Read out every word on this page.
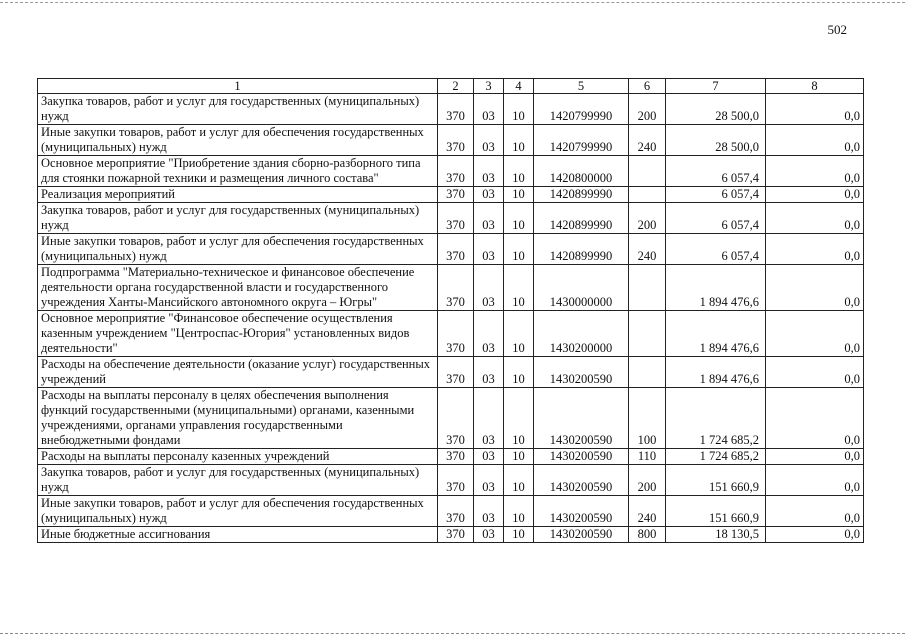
502
1	2	3	4	5	6	7	8
Закупка товаров, работ и услуг для государственных (муниципальных) нужд	370	03	10	1420799990	200	28 500,0	0,0
Иные закупки товаров, работ и услуг для обеспечения государственных (муниципальных) нужд	370	03	10	1420799990	240	28 500,0	0,0
Основное мероприятие "Приобретение здания сборно-разборного типа для стоянки пожарной техники и размещения личного состава"	370	03	10	1420800000		6 057,4	0,0
Реализация мероприятий	370	03	10	1420899990		6 057,4	0,0
Закупка товаров, работ и услуг для государственных (муниципальных) нужд	370	03	10	1420899990	200	6 057,4	0,0
Иные закупки товаров, работ и услуг для обеспечения государственных (муниципальных) нужд	370	03	10	1420899990	240	6 057,4	0,0
Подпрограмма "Материально-техническое и финансовое обеспечение деятельности органа государственной власти и государственного учреждения Ханты-Мансийского автономного округа – Югры"	370	03	10	1430000000		1 894 476,6	0,0
Основное мероприятие "Финансовое обеспечение осуществления казенным учреждением "Центроспас-Югория" установленных видов деятельности"	370	03	10	1430200000		1 894 476,6	0,0
Расходы на обеспечение деятельности (оказание услуг) государственных учреждений	370	03	10	1430200590		1 894 476,6	0,0
Расходы на выплаты персоналу в целях обеспечения выполнения функций государственными (муниципальными) органами, казенными учреждениями, органами управления государственными внебюджетными фондами	370	03	10	1430200590	100	1 724 685,2	0,0
Расходы на выплаты персоналу казенных учреждений	370	03	10	1430200590	110	1 724 685,2	0,0
Закупка товаров, работ и услуг для государственных (муниципальных) нужд	370	03	10	1430200590	200	151 660,9	0,0
Иные закупки товаров, работ и услуг для обеспечения государственных (муниципальных) нужд	370	03	10	1430200590	240	151 660,9	0,0
Иные бюджетные ассигнования	370	03	10	1430200590	800	18 130,5	0,0
